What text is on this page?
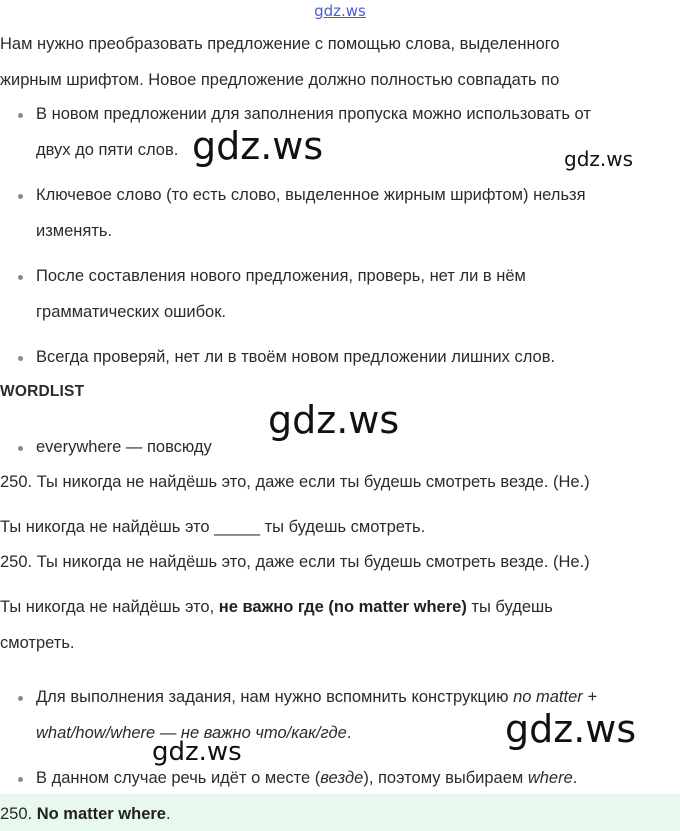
gdz.ws
Нам нужно преобразовать предложение с помощью слова, выделенного
жирным шрифтом. Новое предложение должно полностью совпадать по
В новом предложении для заполнения пропуска можно использовать от
двух до пяти слов.
Ключевое слово (то есть слово, выделенное жирным шрифтом) нельзя
изменять.
После составления нового предложения, проверь, нет ли в нём
грамматических ошибок.
Всегда проверяй, нет ли в твоём новом предложении лишних слов.
WORDLIST
everywhere — повсюду
250. Ты никогда не найдёшь это, даже если ты будешь смотреть везде. (Не.)
Ты никогда не найдёшь это _____ ты будешь смотреть.
250. Ты никогда не найдёшь это, даже если ты будешь смотреть везде. (Не.)
Ты никогда не найдёшь это, не важно где (no matter where) ты будешь
смотреть.
Для выполнения задания, нам нужно вспомнить конструкцию no matter +
what/how/where — не важно что/как/где.
В данном случае речь идёт о месте (везде), поэтому выбираем where.
250. No matter where.
gdz.ws	gdz.ws
gdz.ws
gdz.ws
gdz.ws
